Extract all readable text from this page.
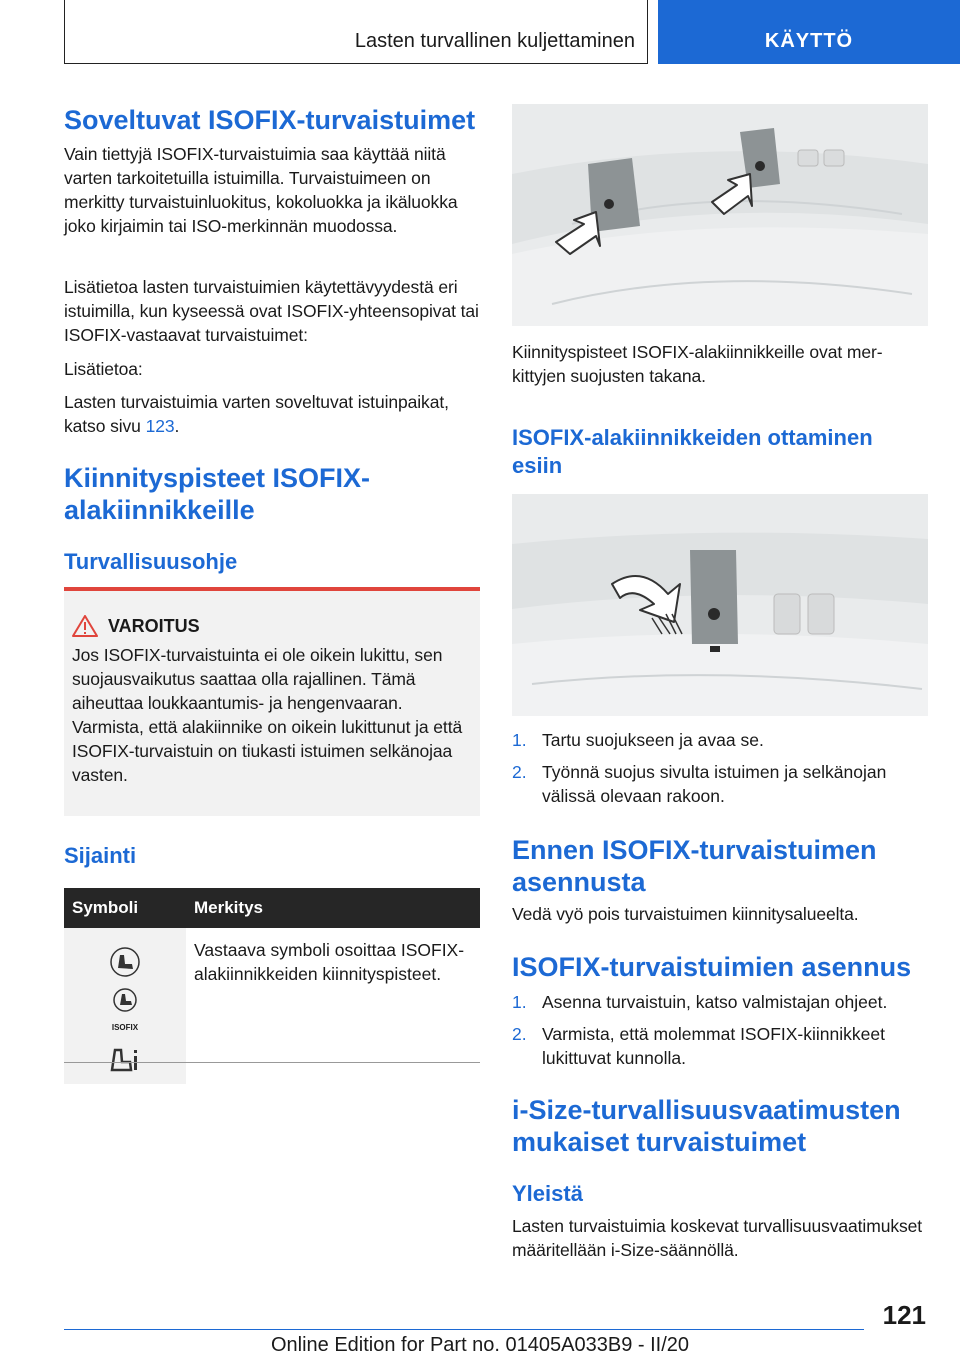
Lasten turvallinen kuljettaminen	KÄYTTÖ
Soveltuvat ISOFIX-turvaistuimet

Vain tiettyjä ISOFIX-turvaistuimia saa käyttää niitä varten tarkoitetuilla istuimilla. Turvaistuimeen on merkitty turvaistuinluokitus, kokoluokka ja ikäluokka joko kirjaimin tai ISO-merkinnän muodossa.

Lisätietoa lasten turvaistuimien käytettävyydestä eri istuimilla, kun kyseessä ovat ISOFIX-yhteensopivat tai ISOFIX-vastaavat turvaistuimet:

Lisätietoa:

Lasten turvaistuimia varten soveltuvat istuinpaikat, katso sivu 123.

Kiinnityspisteet ISOFIX-
alakiinnikkeille
Turvallisuusohje
VAROITUS

Jos ISOFIX-turvaistuinta ei ole oikein lukittu, sen suojausvaikutus saattaa olla rajallinen. Tämä aiheuttaa loukkaantumis- ja hengenvaaran. Varmista, että alakiinnike on oikein lukittunut ja että ISOFIX-turvaistuin on tiukasti istuimen selkänojaa vasten.

Sijainti
Symboli	Merkitys

ISOFIX	Vastaava symboli osoittaa ISOFIX-alakiinnikkeiden kiinnityspisteet.

Kiinnityspisteet ISOFIX-alakiinnikkeille ovat merkittyjen suojusten takana.

ISOFIX-alakiinnikkeiden ottaminen esiin
1. Tartu suojukseen ja avaa se.
2. Työnnä suojus sivulta istuimen ja selkänojan välissä olevaan rakoon.
Ennen ISOFIX-turvaistuimen asennusta

Vedä vyö pois turvaistuimen kiinnitysalueelta.

ISOFIX-turvaistuimien asennus
1. Asenna turvaistuin, katso valmistajan ohjeet.
2. Varmista, että molemmat ISOFIX-kiinnikkeet lukittuvat kunnolla.
i-Size-turvallisuusvaatimusten mukaiset turvaistuimet
Yleistä

Lasten turvaistuimia koskevat turvallisuusvaatimukset määritellään i-Size-säännöllä.

121
Online Edition for Part no. 01405A033B9 - II/20
